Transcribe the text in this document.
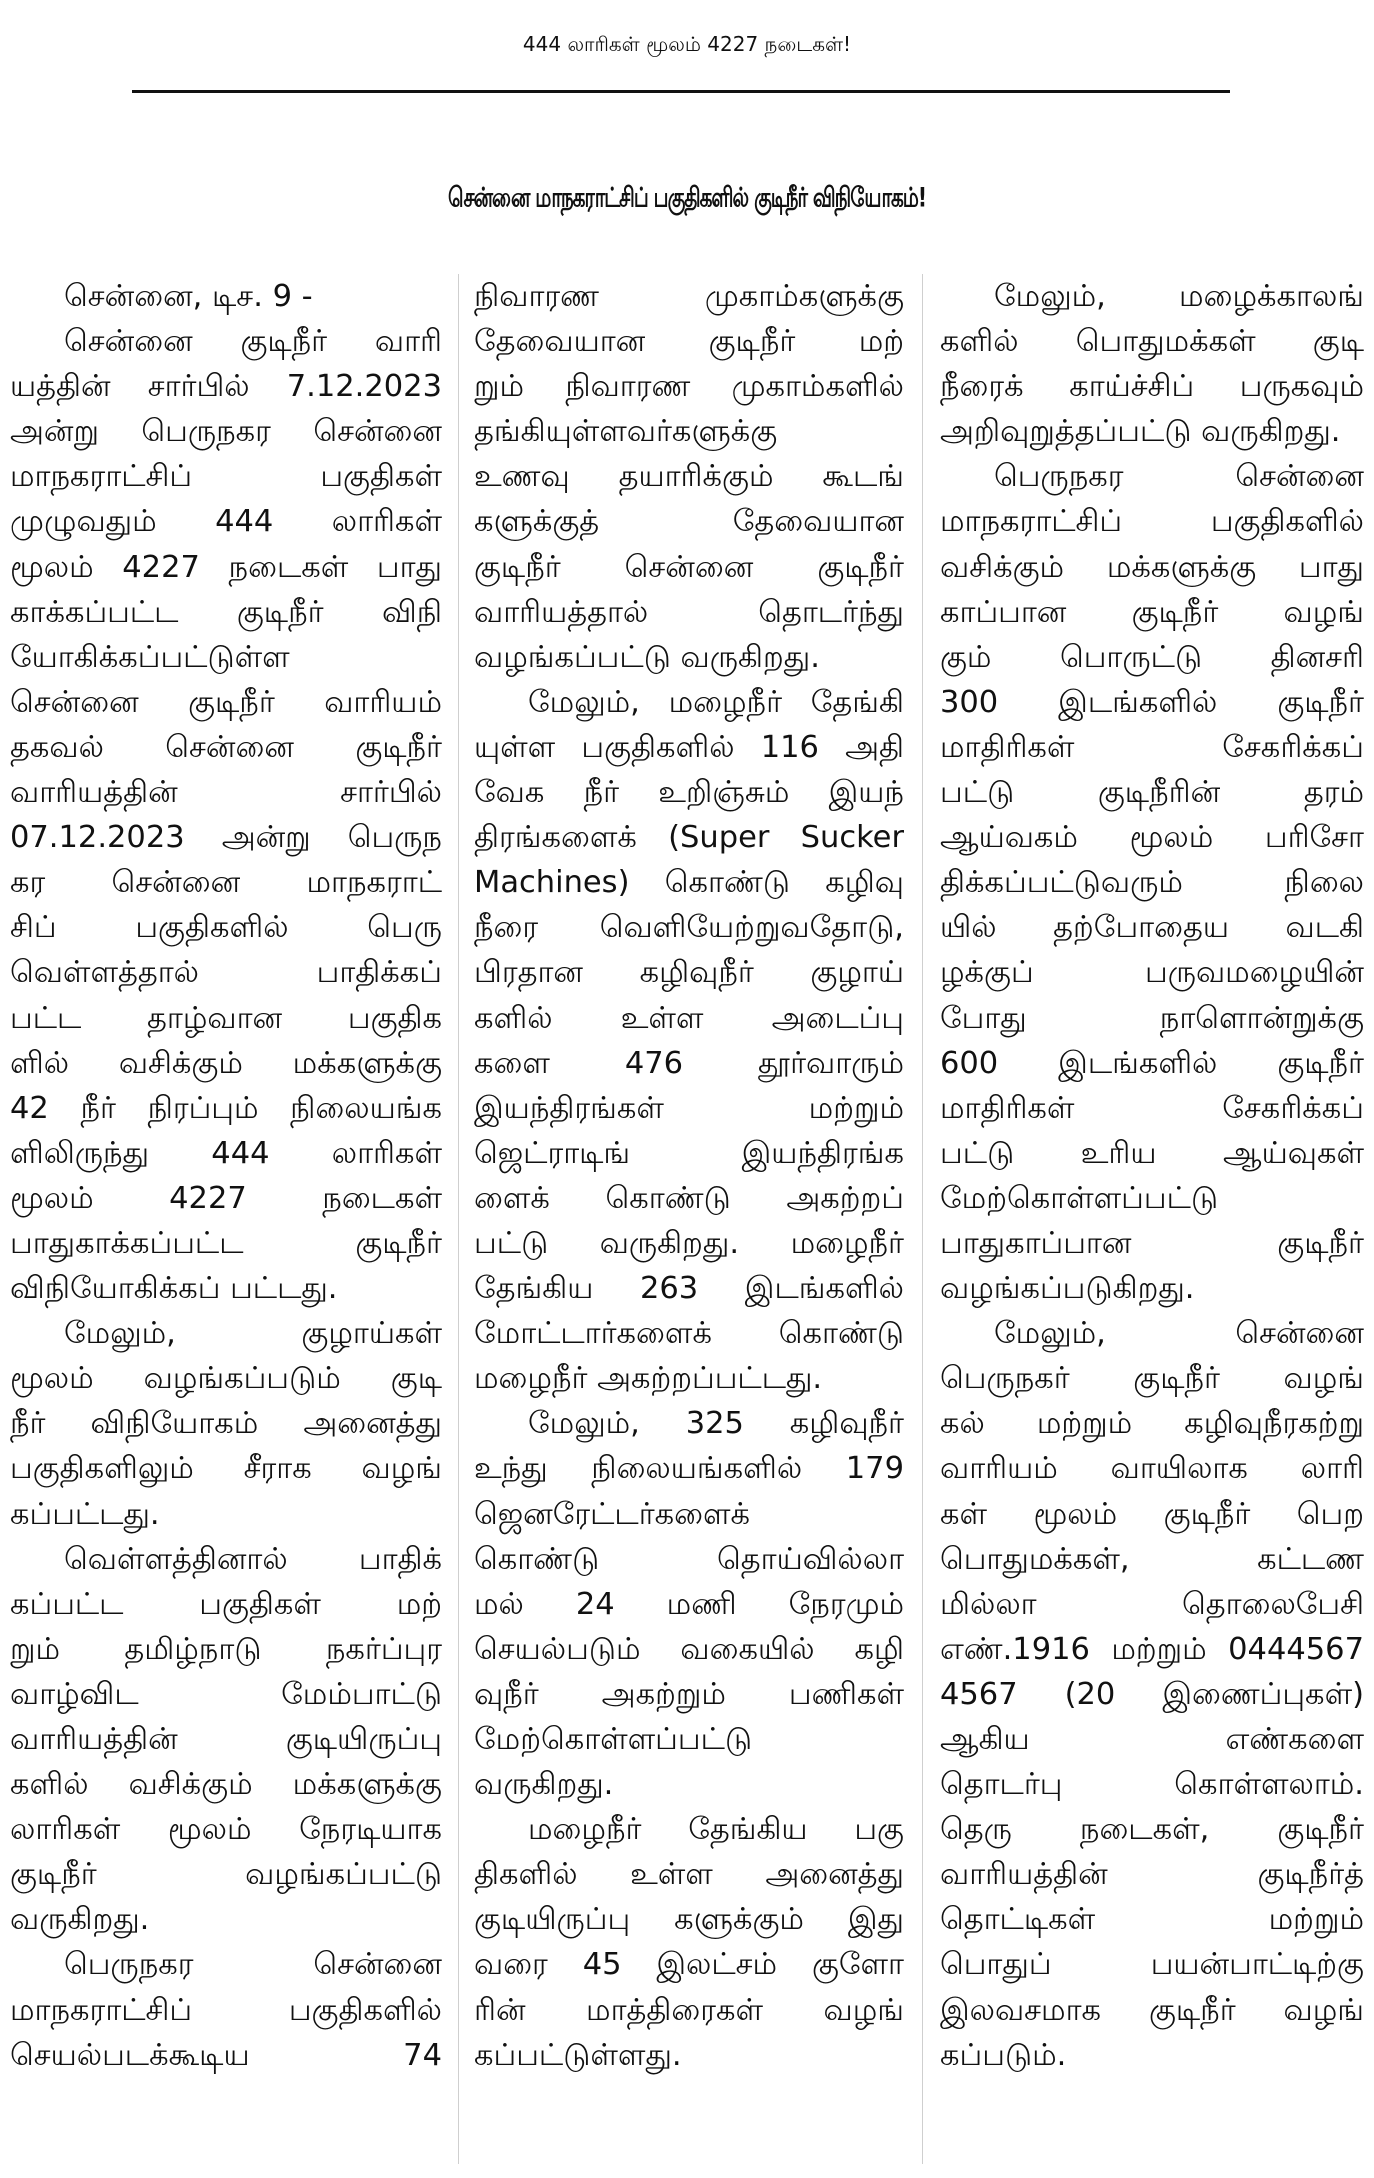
444 லாரிகள் மூலம் 4227 நடைகள்!
சென்னை மாநகராட்சிப் பகுதிகளில் குடிநீர் விநியோகம்!
சென்னை, டிச. 9 -
சென்னை குடிநீர் வாரி
யத்தின் சார்பில் 7.12.2023
அன்று பெருநகர சென்னை
மாநகராட்சிப் பகுதிகள்
முழுவதும் 444 லாரிகள்
மூலம் 4227 நடைகள் பாது
காக்கப்பட்ட குடிநீர் விநி
யோகிக்கப்பட்டுள்ள
சென்னை குடிநீர் வாரியம்
தகவல் சென்னை குடிநீர்
வாரியத்தின் சார்பில்
07.12.2023 அன்று பெருந
கர சென்னை மாநகராட்
சிப் பகுதிகளில் பெரு
வெள்ளத்தால் பாதிக்கப்
பட்ட தாழ்வான பகுதிக
ளில் வசிக்கும் மக்களுக்கு
42 நீர் நிரப்பும் நிலையங்க
ளிலிருந்து 444 லாரிகள்
மூலம் 4227 நடைகள்
பாதுகாக்கப்பட்ட குடிநீர்
விநியோகிக்கப் பட்டது.
மேலும், குழாய்கள்
மூலம் வழங்கப்படும் குடி
நீர் விநியோகம் அனைத்து
பகுதிகளிலும் சீராக வழங்
கப்பட்டது.
வெள்ளத்தினால் பாதிக்
கப்பட்ட பகுதிகள் மற்
றும் தமிழ்நாடு நகர்ப்புர
வாழ்விட மேம்பாட்டு
வாரியத்தின் குடியிருப்பு
களில் வசிக்கும் மக்களுக்கு
லாரிகள் மூலம் நேரடியாக
குடிநீர் வழங்கப்பட்டு
வருகிறது.
பெருநகர சென்னை
மாநகராட்சிப் பகுதிகளில்
செயல்படக்கூடிய 74
நிவாரண முகாம்களுக்கு
தேவையான குடிநீர் மற்
றும் நிவாரண முகாம்களில்
தங்கியுள்ளவர்களுக்கு
உணவு தயாரிக்கும் கூடங்
களுக்குத் தேவையான
குடிநீர் சென்னை குடிநீர்
வாரியத்தால் தொடர்ந்து
வழங்கப்பட்டு வருகிறது.
மேலும், மழைநீர் தேங்கி
யுள்ள பகுதிகளில் 116 அதி
வேக நீர் உறிஞ்சும் இயந்
திரங்களைக் (Super Sucker
Machines) கொண்டு கழிவு
நீரை வெளியேற்றுவதோடு,
பிரதான கழிவுநீர் குழாய்
களில் உள்ள அடைப்பு
களை 476 தூர்வாரும்
இயந்திரங்கள் மற்றும்
ஜெட்ராடிங் இயந்திரங்க
ளைக் கொண்டு அகற்றப்
பட்டு வருகிறது. மழைநீர்
தேங்கிய 263 இடங்களில்
மோட்டார்களைக் கொண்டு
மழைநீர் அகற்றப்பட்டது.
மேலும், 325 கழிவுநீர்
உந்து நிலையங்களில் 179
ஜெனரேட்டர்களைக்
கொண்டு தொய்வில்லா
மல் 24 மணி நேரமும்
செயல்படும் வகையில் கழி
வுநீர் அகற்றும் பணிகள்
மேற்கொள்ளப்பட்டு
வருகிறது.
மழைநீர் தேங்கிய பகு
திகளில் உள்ள அனைத்து
குடியிருப்பு களுக்கும் இது
வரை 45 இலட்சம் குளோ
ரின் மாத்திரைகள் வழங்
கப்பட்டுள்ளது.
மேலும், மழைக்காலங்
களில் பொதுமக்கள் குடி
நீரைக் காய்ச்சிப் பருகவும்
அறிவுறுத்தப்பட்டு வருகிறது.
பெருநகர சென்னை
மாநகராட்சிப் பகுதிகளில்
வசிக்கும் மக்களுக்கு பாது
காப்பான குடிநீர் வழங்
கும் பொருட்டு தினசரி
300 இடங்களில் குடிநீர்
மாதிரிகள் சேகரிக்கப்
பட்டு குடிநீரின் தரம்
ஆய்வகம் மூலம் பரிசோ
திக்கப்பட்டுவரும் நிலை
யில் தற்போதைய வடகி
ழக்குப் பருவமழையின்
போது நாளொன்றுக்கு
600 இடங்களில் குடிநீர்
மாதிரிகள் சேகரிக்கப்
பட்டு உரிய ஆய்வுகள்
மேற்கொள்ளப்பட்டு
பாதுகாப்பான குடிநீர்
வழங்கப்படுகிறது.
மேலும், சென்னை
பெருநகர் குடிநீர் வழங்
கல் மற்றும் கழிவுநீரகற்று
வாரியம் வாயிலாக லாரி
கள் மூலம் குடிநீர் பெற
பொதுமக்கள், கட்டண
மில்லா தொலைபேசி
எண்.1916 மற்றும் 0444567
4567 (20 இணைப்புகள்)
ஆகிய எண்களை
தொடர்பு கொள்ளலாம்.
தெரு நடைகள், குடிநீர்
வாரியத்தின் குடிநீர்த்
தொட்டிகள் மற்றும்
பொதுப் பயன்பாட்டிற்கு
இலவசமாக குடிநீர் வழங்
கப்படும்.
